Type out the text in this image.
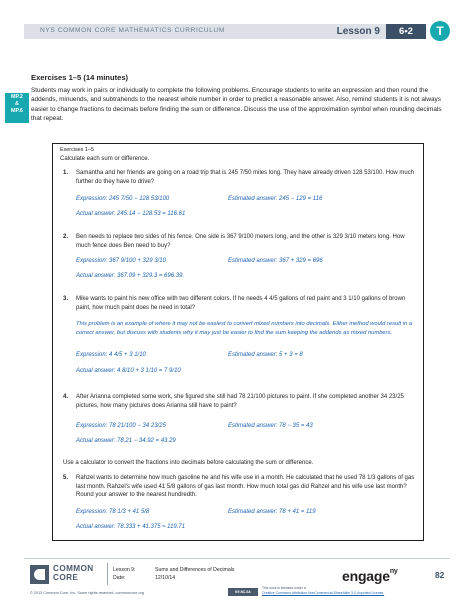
NYS COMMON CORE MATHEMATICS CURRICULUM	Lesson 9	6•2	T
Exercises 1–5 (14 minutes)
MP.2
&
MP.6
Students may work in pairs or individually to complete the following problems. Encourage students to write an expression and then round the addends, minuends, and subtrahends to the nearest whole number in order to predict a reasonable answer. Also, remind students it is not always easier to change fractions to decimals before finding the sum or difference. Discuss the use of the approximation symbol when rounding decimals that repeat.
Exercises 1–5
Calculate each sum or difference.
1. Samantha and her friends are going on a road trip that is 245 7/50 miles long. They have already driven 128 53/100. How much further do they have to drive?
Expression: 245 7/50 − 128 53/100	Estimated answer: 245 − 129 = 116
Actual answer: 245.14 − 128.53 = 116.61
2. Ben needs to replace two sides of his fence. One side is 367 9/100 meters long, and the other is 329 3/10 meters long. How much fence does Ben need to buy?
Expression: 367 9/100 + 329 3/10	Estimated answer: 367 + 329 = 696
Actual answer: 367.09 + 329.3 = 696.39.
3. Mike wants to paint his new office with two different colors. If he needs 4 4/5 gallons of red paint and 3 1/10 gallons of brown paint, how much paint does he need in total?
This problem is an example of where it may not be easiest to convert mixed numbers into decimals. Either method would result in a correct answer, but discuss with students why it may just be easier to find the sum keeping the addends as mixed numbers.
Expression: 4 4/5 + 3 1/10	Estimated answer: 5 + 3 = 8
Actual answer: 4 8/10 + 3 1/10 = 7 9/10
4. After Arianna completed some work, she figured she still had 78 21/100 pictures to paint. If she completed another 34 23/25 pictures, how many pictures does Arianna still have to paint?
Expression: 78 21/100 − 34 23/25	Estimated answer: 78 − 35 = 43
Actual answer: 78.21 − 34.92 = 43.29
Use a calculator to convert the fractions into decimals before calculating the sum or difference.
5. Rahzel wants to determine how much gasoline he and his wife use in a month. He calculated that he used 78 1/3 gallons of gas last month. Rahzel's wife used 41 5/8 gallons of gas last month. How much total gas did Rahzel and his wife use last month? Round your answer to the nearest hundredth.
Expression: 78 1/3 + 41 5/8	Estimated answer: 78 + 41 = 119
Actual answer: 78.333 + 41.375 ≈ 119.71
COMMON
CORE
Lesson 9:
Date:
Sums and Differences of Decimals
12/10/14	engage$^{ny}$	82
© 2013 Common Core, Inc. Some rights reserved. commoncore.org	BY-NC-SA
This work is licensed under a
Creative Commons Attribution-NonCommercial-ShareAlike 3.0 Unported License.
